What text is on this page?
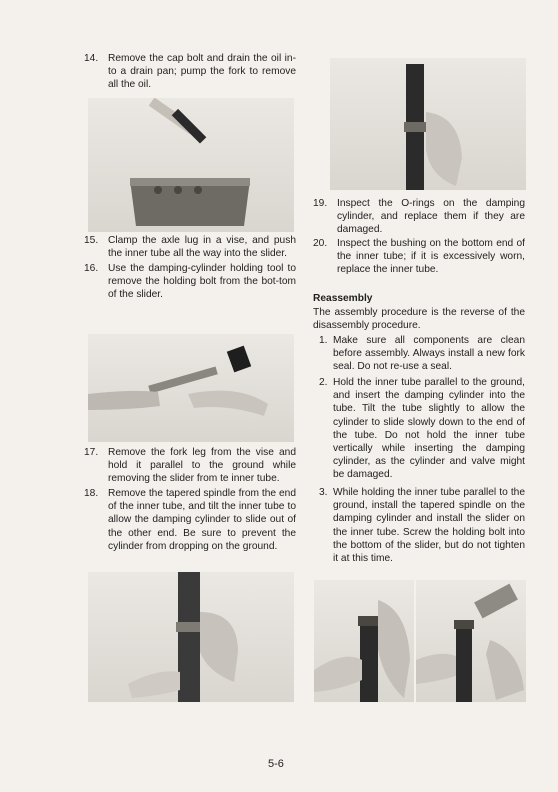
14. Remove the cap bolt and drain the oil in-to a drain pan; pump the fork to remove all the oil.
15. Clamp the axle lug in a vise, and push the inner tube all the way into the slider.
16. Use the damping-cylinder holding tool to remove the holding bolt from the bot-tom of the slider.
17. Remove the fork leg from the vise and hold it parallel to the ground while removing the slider from te inner tube.
18. Remove the tapered spindle from the end of the inner tube, and tilt the inner tube to allow the damping cylinder to slide out of the other end. Be sure to prevent the cylinder from dropping on the ground.
19. Inspect the O-rings on the damping cylinder, and replace them if they are damaged.
20. Inspect the bushing on the bottom end of the inner tube; if it is excessively worn, replace the inner tube.
Reassembly
The assembly procedure is the reverse of the disassembly procedure.
1. Make sure all components are clean before assembly. Always install a new fork seal. Do not re-use a seal.
2. Hold the inner tube parallel to the ground, and insert the damping cylinder into the tube. Tilt the tube slightly to allow the cylinder to slide slowly down to the end of the tube. Do not hold the inner tube vertically while inserting the damping cylinder, as the cylinder and valve might be damaged.
3. While holding the inner tube parallel to the ground, install the tapered spindle on the damping cylinder and install the slider on the inner tube. Screw the holding bolt into the bottom of the slider, but do not tighten it at this time.
5-6
